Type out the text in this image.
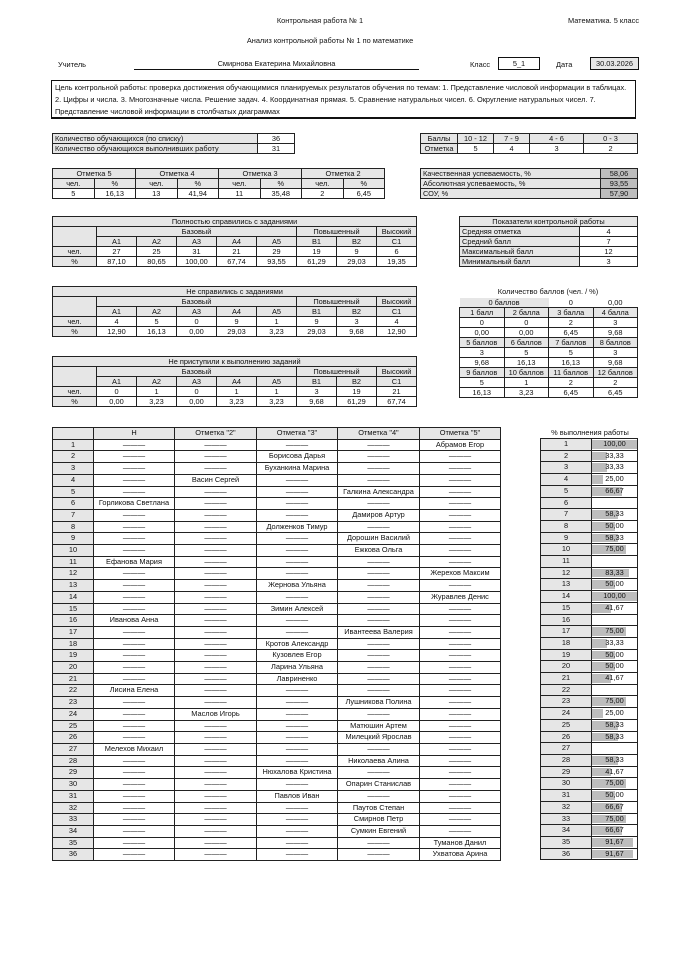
Контрольная работа № 1	Математика. 5 класс
Анализ контрольной работы № 1 по математике
Учитель	Смирнова Екатерина Михайловна	Класс	5_1	Дата	30.03.2026
Цель контрольной работы: проверка достижения обучающимися планируемых результатов обучения по темам: 1. Представление числовой информации в таблицах. 2. Цифры и числа. 3. Многозначные числа. Решение задач. 4. Координатная прямая. 5. Сравнение натуральных чисел. 6. Округление натуральных чисел. 7. Представление числовой информации в столбчатых диаграммах
Количество обучающихся (по списку)	36
Количество обучающихся выполнивших работу	31
Баллы	10 - 12	7 - 9	4 - 6	0 - 3
Отметка	5	4	3	2
Отметка 5		Отметка 4		Отметка 3		Отметка 2	
чел.	%	чел.	%	чел.	%	чел.	%
5	16,13	13	41,94	11	35,48	2	6,45
Качественная успеваемость, %	58,06
Абсолютная успеваемость, %	93,55
СОУ, %	57,90
Полностью справились с заданиями								
	Базовый					Повышенный		Высокий
	A1	A2	A3	A4	A5	B1	B2	C1
чел.	27	25	31	21	29	19	9	6
%	87,10	80,65	100,00	67,74	93,55	61,29	29,03	19,35
Не справились с заданиями								
	Базовый					Повышенный		Высокий
	A1	A2	A3	A4	A5	B1	B2	C1
чел.	4	5	0	9	1	9	3	4
%	12,90	16,13	0,00	29,03	3,23	29,03	9,68	12,90
Не приступили к выполнению заданий								
	Базовый					Повышенный		Высокий
	A1	A2	A3	A4	A5	B1	B2	C1
чел.	0	1	0	1	1	3	19	21
%	0,00	3,23	0,00	3,23	3,23	9,68	61,29	67,74
Показатели контрольной работы	
Средняя отметка	4
Средний балл	7
Максимальный балл	12
Минимальный балл	3
Количество баллов (чел. / %)
0 баллов		0	0,00
1 балл	2 балла	3 балла	4 балла
0	0	2	3
0,00	0,00	6,45	9,68
5 баллов	6 баллов	7 баллов	8 баллов
3	5	5	3
9,68	16,13	16,13	9,68
9 баллов	10 баллов	11 баллов	12 баллов
5	1	2	2
16,13	3,23	6,45	6,45
	Н	Отметка "2"	Отметка "3"	Отметка "4"	Отметка "5"
1	———	———	———	———	Абрамов Егор
2	———	———	Борисова Дарья	———	———
3	———	———	Буханкина Марина	———	———
4	———	Васин Сергей	———	———	———
5	———	———	———	Галкина Александра	———
6	Горликова Светлана	———	———	———	———
7	———	———	———	Дамиров Артур	———
8	———	———	Долженков Тимур	———	———
9	———	———	———	Дорошин Василий	———
10	———	———	———	Ежкова Ольга	———
11	Ефанова Мария	———	———	———	———
12	———	———	———	———	Жерехов Максим
13	———	———	Жернова Ульяна	———	———
14	———	———	———	———	Журавлев Денис
15	———	———	Зимин Алексей	———	———
16	Иванова Анна	———	———	———	———
17	———	———	———	Ивантеева Валерия	———
18	———	———	Кротов Александр	———	———
19	———	———	Кузовлев Егор	———	———
20	———	———	Ларина Ульяна	———	———
21	———	———	Лавриненко	———	———
22	Лисина Елена	———	———	———	———
23	———	———	———	Лушникова Полина	———
24	———	Маслов Игорь	———	———	———
25	———	———	———	Матюшин Артем	———
26	———	———	———	Милецкий Ярослав	———
27	Мелехов Михаил	———	———	———	———
28	———	———	———	Николаева Алина	———
29	———	———	Нюхалова Кристина	———	———
30	———	———	———	Опарин Станислав	———
31	———	———	Павлов Иван	———	———
32	———	———	———	Паутов Степан	———
33	———	———	———	Смирнов Петр	———
34	———	———	———	Сумкин Евгений	———
35	———	———	———	———	Туманов Данил
36	———	———	———	———	Ухватова Арина
% выполнения работы
1	100,00
2	33,33
3	33,33
4	25,00
5	66,67
6	
7	58,33
8	50,00
9	58,33
10	75,00
11	
12	83,33
13	50,00
14	100,00
15	41,67
16	
17	75,00
18	33,33
19	50,00
20	50,00
21	41,67
22	
23	75,00
24	25,00
25	58,33
26	58,33
27	
28	58,33
29	41,67
30	75,00
31	50,00
32	66,67
33	75,00
34	66,67
35	91,67
36	91,67
